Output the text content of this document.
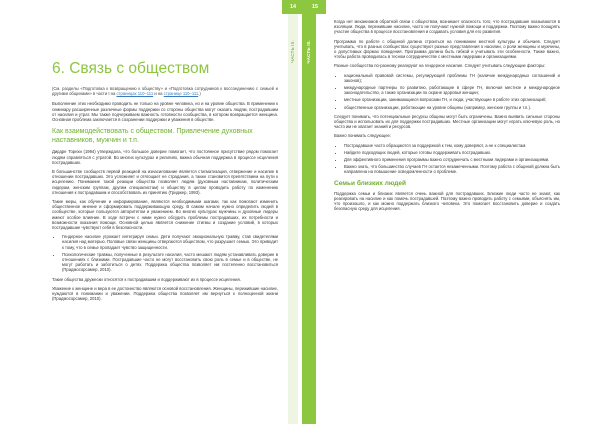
14	15
ЧАСТЬ III. ЧАСТЬ III.
6. Связь с обществом

(См. разделы «Подготовка к возвращению к обществу» и «Подготовка сотрудников к воссоединению с семьей и другими общинами» в части I на страницах 110–111 и на странице 110–111.)

Выполнение этих необходимо проводить не только на уровне человека, но и на уровне общества. В применении к семинару расширенные различные формы поддержки со стороны общества могут оказать людям, пострадавшим от насилия и утрат. Мы также подчеркиваем важность готовности сообщества, в котором возвращается женщина. Основная проблема заключается в сохранении поддержки и уважения в обществе.

Как взаимодействовать с обществом. Привлечение духовных наставников, мужчин и т.п.

Дирдре Торнхи (1994) утверждала, что большое доверие помогает, что постоянное присутствие рядом помогает людям справляться с утратой. Во многих культурах и религиях, важна обычная поддержка в процессе исцеления пострадавших.

В большинстве сообществ первой реакцией на изнасилование является стигматизация, отвержение и насилие в отношении пострадавших. Это усложняет и отягощает ее страдания, а также становится препятствием на пути к исцелению. Понимание такой реакции общества позволяет людям (духовным наставникам, политическим лидерам, женским группам, другим специалистам) и обществу в целом проводить работу по изменению отношения к пострадавшим и способствовать их принятию (Гриджер, 1993).

Такие меры, как обучение и информирование, являются необходимыми шагами, так как помогают изменить общественное мнение и сформировать поддерживающую среду. В самом начале нужно определить людей в сообществе, которые пользуются авторитетом и уважением. Во многих культурах мужчины и духовные лидеры имеют особое влияние. В ходе встречи с ними нужно обсудить проблемы пострадавших, их потребности и возможности оказания помощи. Основной целью является снижение стигмы и создание условий, в которых пострадавшие чувствуют себя в безопасности.

• Гендерное насилие угрожает интегрируя семьи. Дети получают эмоциональную травму, став свидетелями насилия над матерью. Половые связи женщины отвергаются обществом, что разрушает семью. Это приводит к тому, что в семье пропадает чувство защищенности.
• Психологические травмы, полученные в результате насилия, часто мешают людям устанавливать доверие в отношениях с близкими. Пострадавшие часто не могут восстановить свою роль в семье и в обществе, не могут работать и заботиться о детях. Поддержка общества позволяет им постепенно восстановиться (Прадмосорсамер, 2010).

Такие общества дружески относятся к пострадавшим и поддерживают их в процессе исцеления.

Уважение к женщине и вера в ее достоинство являются основой восстановления. Женщины, пережившие насилие, нуждаются в понимании и уважении. Поддержка общества позволяет им вернуться к полноценной жизни (Прадмосорсамер, 2010).

Когда нет механизмов обратной связи с обществом, возникает опасность того, что пострадавшие оказываются в изоляции. Люди, пережившие насилие, часто не получают нужной помощи и поддержки. Поэтому важно поощрять участие общества в процессе восстановления и создавать условия для его развития.

Программа по работе с общиной должна строиться на понимании местной культуры и обычаев. Следует учитывать, что в разных сообществах существуют разные представления о насилии, о роли женщины и мужчины, о допустимых формах поведения. Программа должна быть гибкой и учитывать эти особенности. Также важно, чтобы работа проводилась в тесном сотрудничестве с местными лидерами и организациями.

Разные сообщества по-разному реагируют на гендерное насилие. Следует учитывать следующие факторы:

• национальный правовой системы, регулирующей проблемы ГН (наличие международных соглашений и законов);
• международные партнеры по развитию, работающие в сфере ГН, включая местное и международное законодательство, а также организации по охране здоровья женщин;
• местные организации, занимающиеся вопросами ГН, и люди, участвующие в работе этих организаций;
• общественные организации, работающие на уровне общины (например, женские группы и т.п.).

Следует понимать, что потенциальные ресурсы общины могут быть ограничены. Важно выявить сильные стороны общества и использовать их для поддержки пострадавших. Местные организации могут играть ключевую роль, но часто им не хватает знаний и ресурсов.

Важно понимать следующее:

• Пострадавшие часто обращаются за поддержкой к тем, кому доверяют, а не к специалистам.
• Найдите подходящих людей, которые готовы поддерживать пострадавших.
• Для эффективного применения программы важно сотрудничать с местными лидерами и организациями.
• Важно знать, что большинство случаев ГН остается незамеченными. Поэтому работа с общиной должна быть направлена на повышение осведомленности о проблеме.
Семьи близких людей

Поддержка семьи и близких является очень важной для пострадавших. Близкие люди часто не знают, как реагировать на насилие и как помочь пострадавшей. Поэтому важно проводить работу с семьями, объяснять им, что произошло, и как можно поддержать близкого человека. Это помогает восстановить доверие и создать безопасную среду для исцеления.
